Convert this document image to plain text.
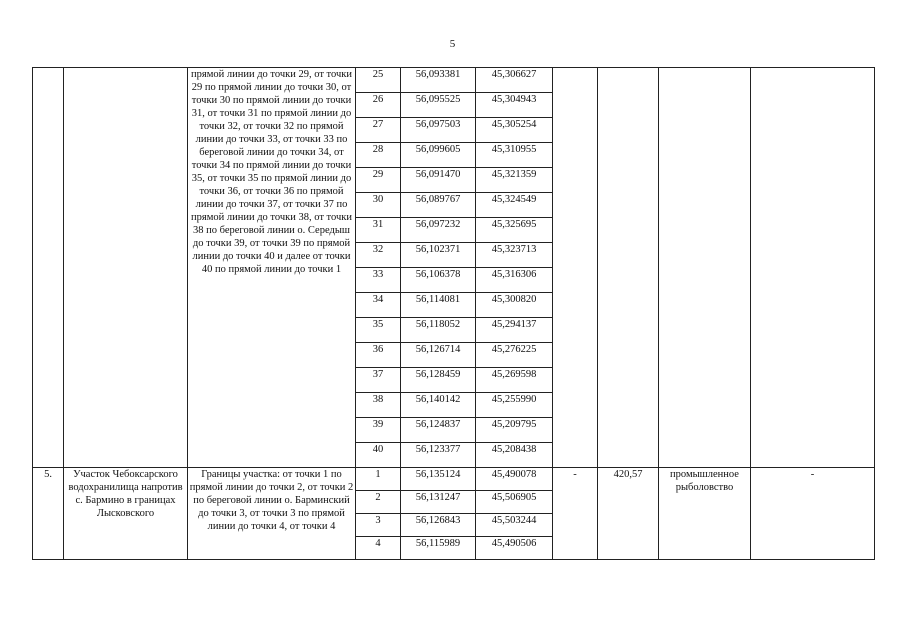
5
		прямой линии до точки 29, от точки 29 по прямой линии до точки 30, от точки 30 по прямой линии до точки 31, от точки 31 по прямой линии до точки 32, от точки 32 по прямой линии до точки 33, от точки 33 по береговой линии до точки 34, от точки 34 по прямой линии до точки 35, от точки 35 по прямой линии до точки 36, от точки 36 по прямой линии до точки 37, от точки 37 по прямой линии до точки 38, от точки 38 по береговой линии о. Середыш до точки 39, от точки 39 по прямой линии до точки 40 и далее от точки 40 по прямой линии до точки 1	25	56,093381	45,306627				
			26	56,095525	45,304943				
			27	56,097503	45,305254				
			28	56,099605	45,310955				
			29	56,091470	45,321359				
			30	56,089767	45,324549				
			31	56,097232	45,325695				
			32	56,102371	45,323713				
			33	56,106378	45,316306				
			34	56,114081	45,300820				
			35	56,118052	45,294137				
			36	56,126714	45,276225				
			37	56,128459	45,269598				
			38	56,140142	45,255990				
			39	56,124837	45,209795				
			40	56,123377	45,208438				
5.	Участок Чебоксарского водохранилища напротив с. Бармино в границах Лысковского	Границы участка: от точки 1 по прямой линии до точки 2, от точки 2 по береговой линии о. Барминский до точки 3, от точки 3 по прямой линии до точки 4, от точки 4	1	56,135124	45,490078	-	420,57	промышленное рыболовство	-
			2	56,131247	45,506905				
			3	56,126843	45,503244				
			4	56,115989	45,490506				
